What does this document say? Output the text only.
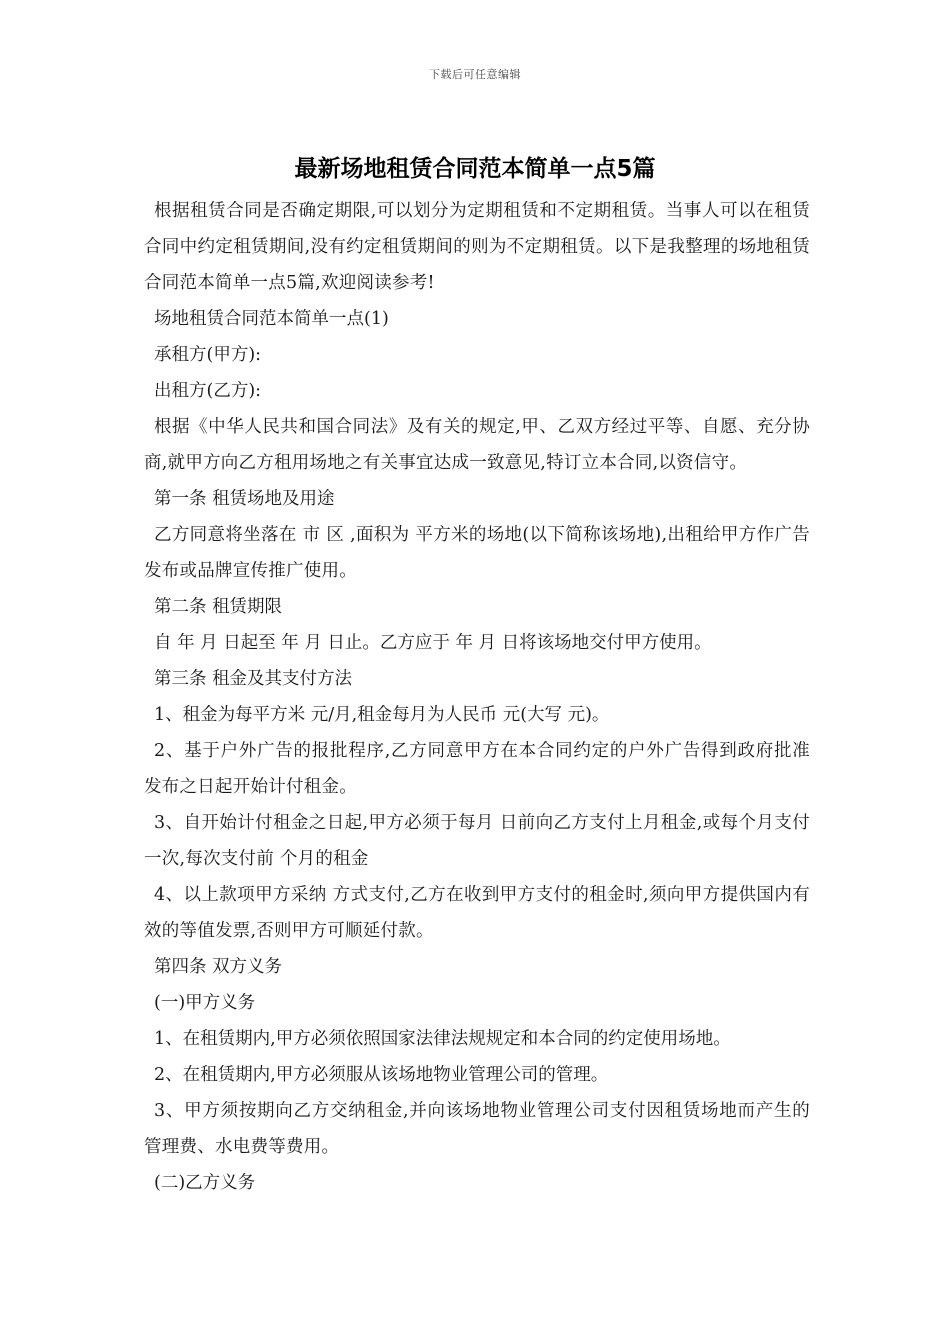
下载后可任意编辑
最新场地租赁合同范本简单一点5篇

根据租赁合同是否确定期限,可以划分为定期租赁和不定期租赁。当事人可以在租赁合同中约定租赁期间,没有约定租赁期间的则为不定期租赁。以下是我整理的场地租赁合同范本简单一点5篇,欢迎阅读参考!

场地租赁合同范本简单一点(1)

承租方(甲方):

出租方(乙方):

根据《中华人民共和国合同法》及有关的规定,甲、乙双方经过平等、自愿、充分协商,就甲方向乙方租用场地之有关事宜达成一致意见,特订立本合同,以资信守。

第一条 租赁场地及用途

乙方同意将坐落在 市 区 ,面积为 平方米的场地(以下简称该场地),出租给甲方作广告发布或品牌宣传推广使用。

第二条 租赁期限

自 年 月 日起至 年 月 日止。乙方应于 年 月 日将该场地交付甲方使用。

第三条 租金及其支付方法

1、租金为每平方米 元/月,租金每月为人民币 元(大写 元)。

2、基于户外广告的报批程序,乙方同意甲方在本合同约定的户外广告得到政府批准发布之日起开始计付租金。

3、自开始计付租金之日起,甲方必须于每月 日前向乙方支付上月租金,或每个月支付一次,每次支付前 个月的租金

4、以上款项甲方采纳 方式支付,乙方在收到甲方支付的租金时,须向甲方提供国内有效的等值发票,否则甲方可顺延付款。

第四条 双方义务

(一)甲方义务

1、在租赁期内,甲方必须依照国家法律法规规定和本合同的约定使用场地。

2、在租赁期内,甲方必须服从该场地物业管理公司的管理。

3、甲方须按期向乙方交纳租金,并向该场地物业管理公司支付因租赁场地而产生的管理费、水电费等费用。

(二)乙方义务
